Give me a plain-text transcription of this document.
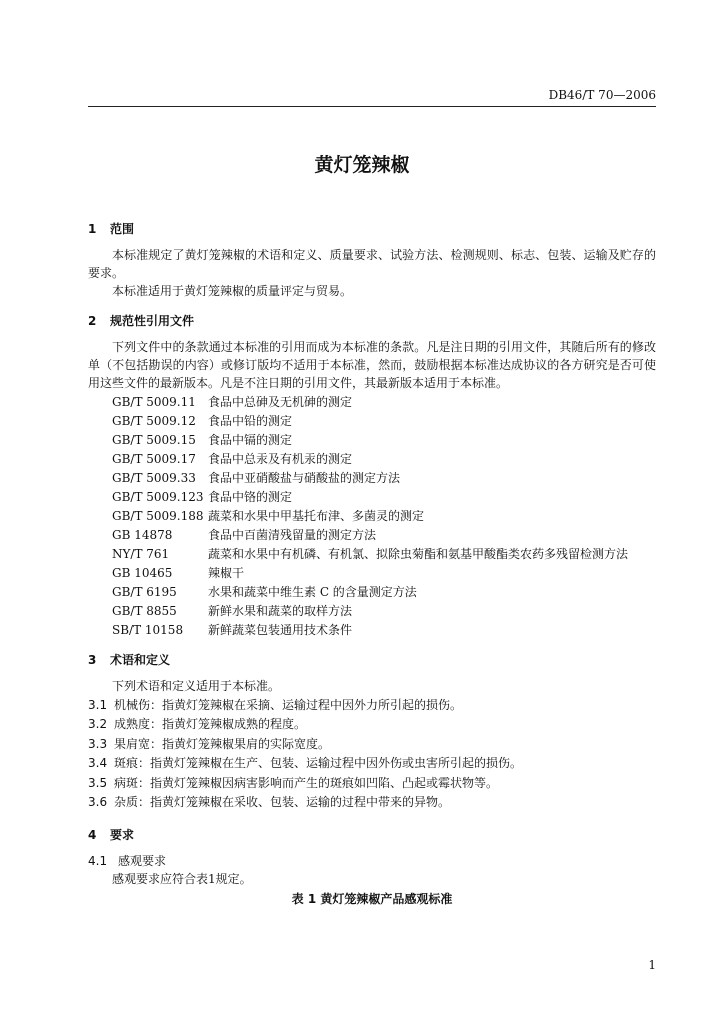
DB46/T 70—2006
黄灯笼辣椒
1	范围

本标准规定了黄灯笼辣椒的术语和定义、质量要求、试验方法、检测规则、标志、包装、运输及贮存的要求。

本标准适用于黄灯笼辣椒的质量评定与贸易。

2	规范性引用文件

下列文件中的条款通过本标准的引用而成为本标准的条款。凡是注日期的引用文件，其随后所有的修改单（不包括勘误的内容）或修订版均不适用于本标准，然而，鼓励根据本标准达成协议的各方研究是否可使用这些文件的最新版本。凡是不注日期的引用文件，其最新版本适用于本标准。

GB/T 5009.11	食品中总砷及无机砷的测定
GB/T 5009.12	食品中铅的测定
GB/T 5009.15	食品中镉的测定
GB/T 5009.17	食品中总汞及有机汞的测定
GB/T 5009.33	食品中亚硝酸盐与硝酸盐的测定方法
GB/T 5009.123 食品中铬的测定
GB/T 5009.188 蔬菜和水果中甲基托布津、多菌灵的测定
GB 14878	食品中百菌清残留量的测定方法
NY/T 761	蔬菜和水果中有机磷、有机氯、拟除虫菊酯和氨基甲酸酯类农药多残留检测方法
GB 10465	辣椒干
GB/T 6195	水果和蔬菜中维生素 C 的含量测定方法
GB/T 8855	新鲜水果和蔬菜的取样方法
SB/T 10158	新鲜蔬菜包装通用技术条件
3	术语和定义

下列术语和定义适用于本标准。

3.1 机械伤：指黄灯笼辣椒在采摘、运输过程中因外力所引起的损伤。
3.2 成熟度：指黄灯笼辣椒成熟的程度。
3.3 果肩宽：指黄灯笼辣椒果肩的实际宽度。
3.4 斑痕：指黄灯笼辣椒在生产、包装、运输过程中因外伤或虫害所引起的损伤。
3.5 病斑：指黄灯笼辣椒因病害影响而产生的斑痕如凹陷、凸起或霉状物等。
3.6 杂质：指黄灯笼辣椒在采收、包装、运输的过程中带来的异物。
4	要求
4.1 感观要求

感观要求应符合表1规定。

表 1 黄灯笼辣椒产品感观标准
1
